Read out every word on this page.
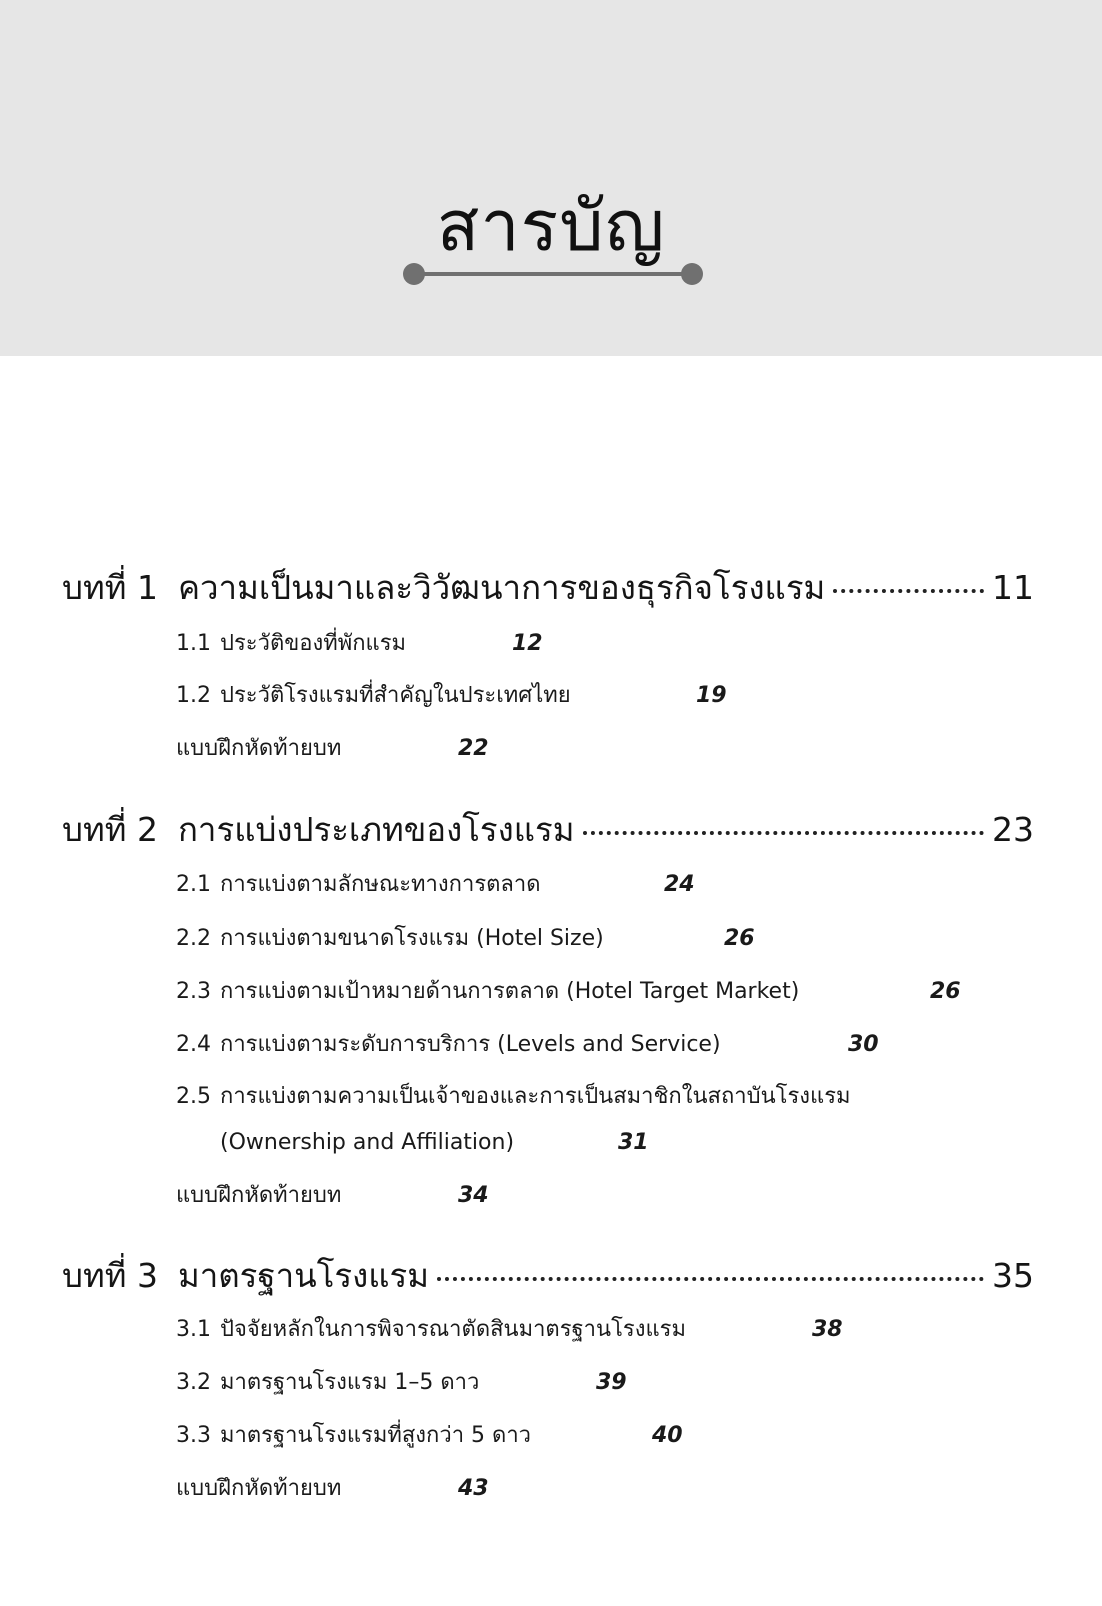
สารบัญ
บทที่ 1 ความเป็นมาและวิวัฒนาการของธุรกิจโรงแรม	11
1.1 ประวัติของที่พักแรม	12
1.2 ประวัติโรงแรมที่สำคัญในประเทศไทย	19
แบบฝึกหัดท้ายบท	22
บทที่ 2 การแบ่งประเภทของโรงแรม	23
2.1 การแบ่งตามลักษณะทางการตลาด	24
2.2 การแบ่งตามขนาดโรงแรม (Hotel Size)	26
2.3 การแบ่งตามเป้าหมายด้านการตลาด (Hotel Target Market)	26
2.4 การแบ่งตามระดับการบริการ (Levels and Service)	30
2.5 การแบ่งตามความเป็นเจ้าของและการเป็นสมาชิกในสถาบันโรงแรม
(Ownership and Affiliation)	31
แบบฝึกหัดท้ายบท	34
บทที่ 3 มาตรฐานโรงแรม	35
3.1 ปัจจัยหลักในการพิจารณาตัดสินมาตรฐานโรงแรม	38
3.2 มาตรฐานโรงแรม 1–5 ดาว	39
3.3 มาตรฐานโรงแรมที่สูงกว่า 5 ดาว	40
แบบฝึกหัดท้ายบท	43
